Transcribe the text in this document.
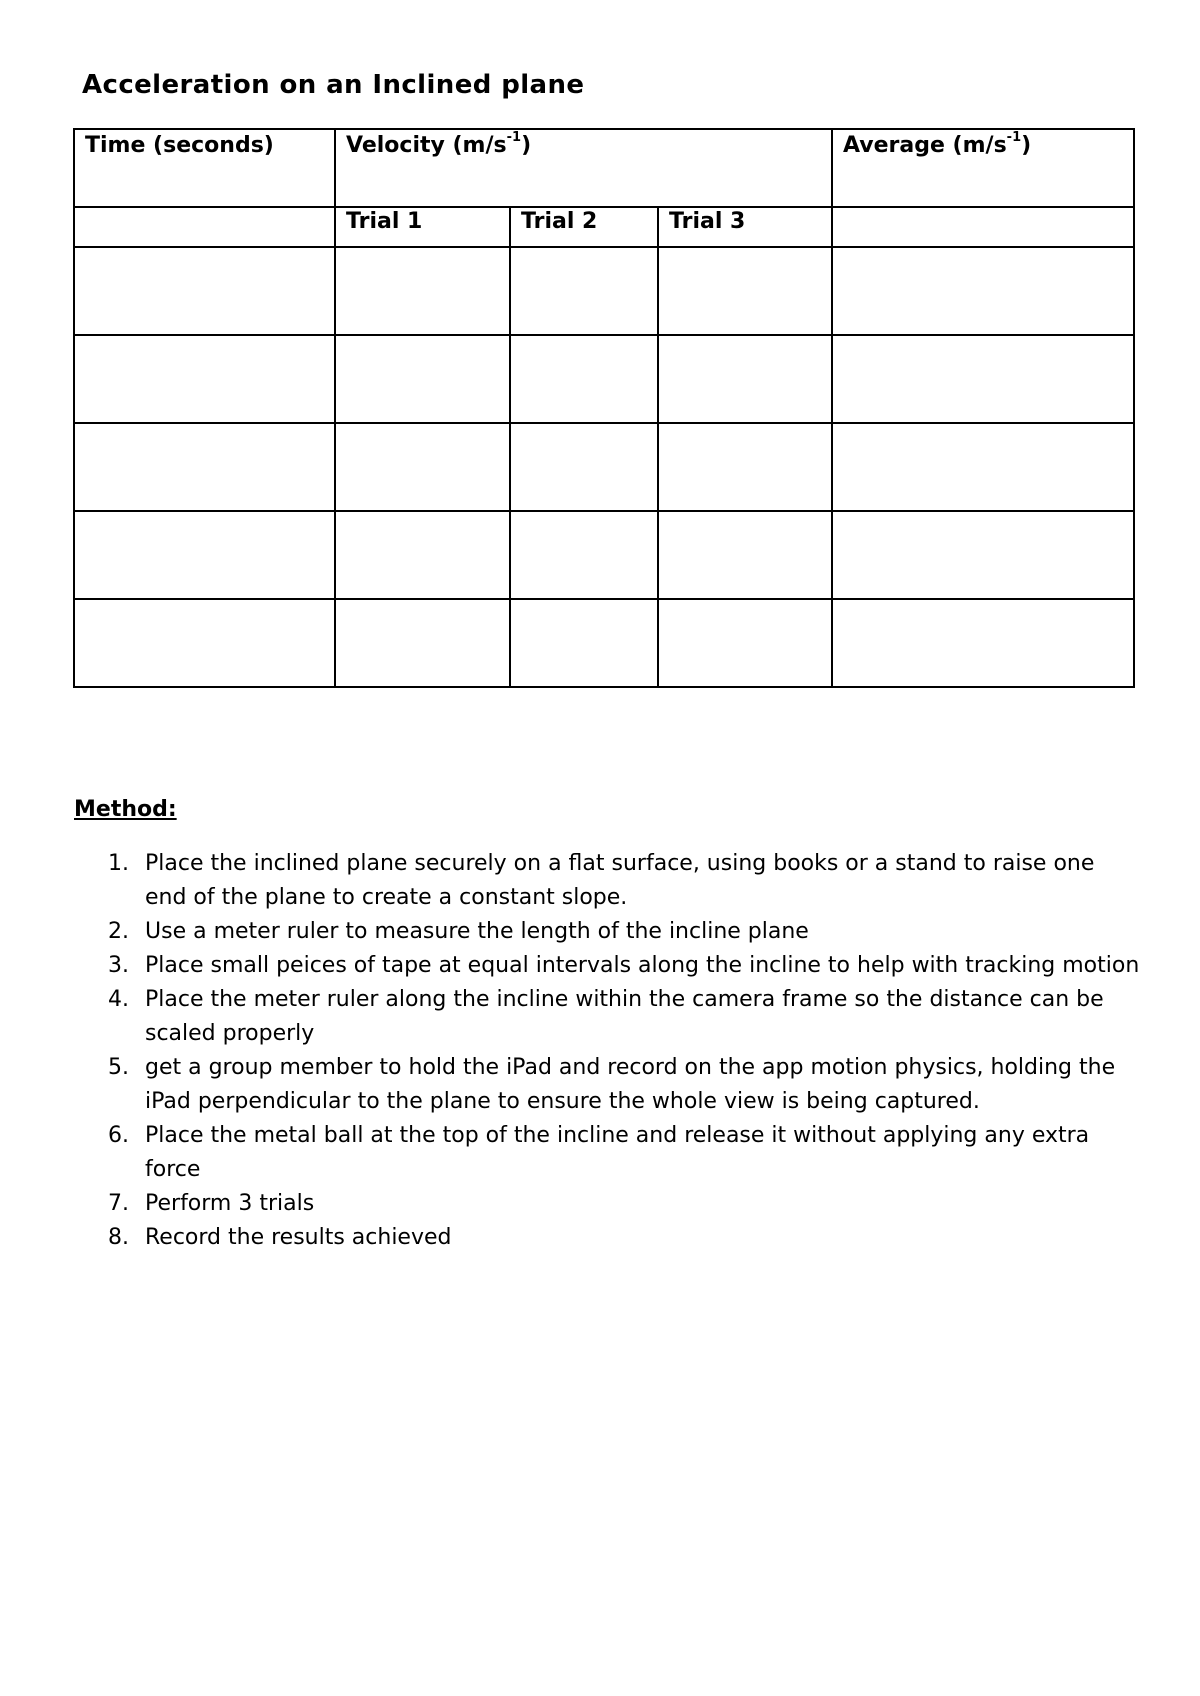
Acceleration on an Inclined plane
Time (seconds)	Velocity $(m/s^{-1})$			Average $(m/s^{-1})$
	Trial 1	Trial 2	Trial 3	

Method:
1. Place the inclined plane securely on a flat surface, using books or a stand to raise one end of the plane to create a constant slope.
2. Use a meter ruler to measure the length of the incline plane
3. Place small peices of tape at equal intervals along the incline to help with tracking motion
4. Place the meter ruler along the incline within the camera frame so the distance can be scaled properly
5. get a group member to hold the iPad and record on the app motion physics, holding the iPad perpendicular to the plane to ensure the whole view is being captured.
6. Place the metal ball at the top of the incline and release it without applying any extra force
7. Perform 3 trials
8. Record the results achieved
